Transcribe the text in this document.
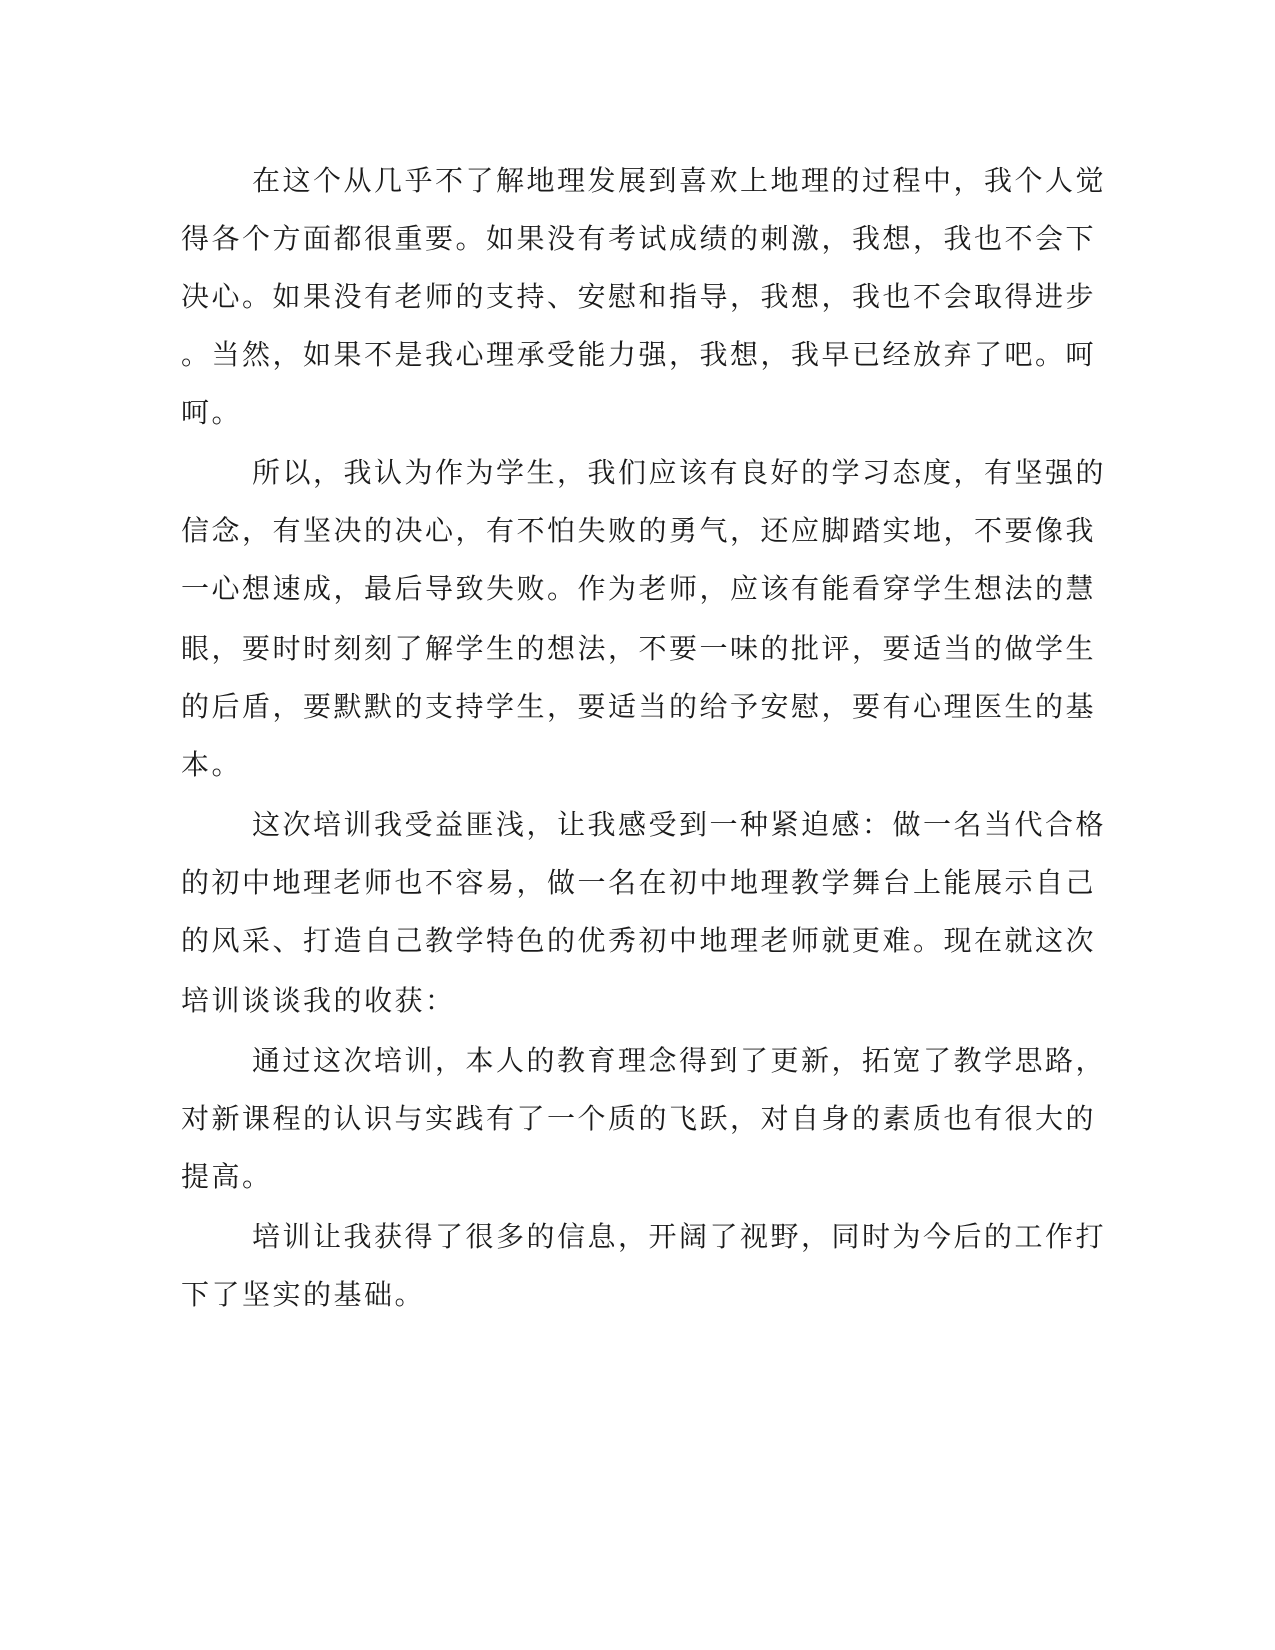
在这个从几乎不了解地理发展到喜欢上地理的过程中，我个人觉
得各个方面都很重要。如果没有考试成绩的刺激，我想，我也不会下
决心。如果没有老师的支持、安慰和指导，我想，我也不会取得进步
。当然，如果不是我心理承受能力强，我想，我早已经放弃了吧。呵
呵。
所以，我认为作为学生，我们应该有良好的学习态度，有坚强的
信念，有坚决的决心，有不怕失败的勇气，还应脚踏实地，不要像我
一心想速成，最后导致失败。作为老师，应该有能看穿学生想法的慧
眼，要时时刻刻了解学生的想法，不要一味的批评，要适当的做学生
的后盾，要默默的支持学生，要适当的给予安慰，要有心理医生的基
本。
这次培训我受益匪浅，让我感受到一种紧迫感：做一名当代合格
的初中地理老师也不容易，做一名在初中地理教学舞台上能展示自己
的风采、打造自己教学特色的优秀初中地理老师就更难。现在就这次
培训谈谈我的收获：
通过这次培训，本人的教育理念得到了更新，拓宽了教学思路，
对新课程的认识与实践有了一个质的飞跃，对自身的素质也有很大的
提高。
培训让我获得了很多的信息，开阔了视野，同时为今后的工作打
下了坚实的基础。
